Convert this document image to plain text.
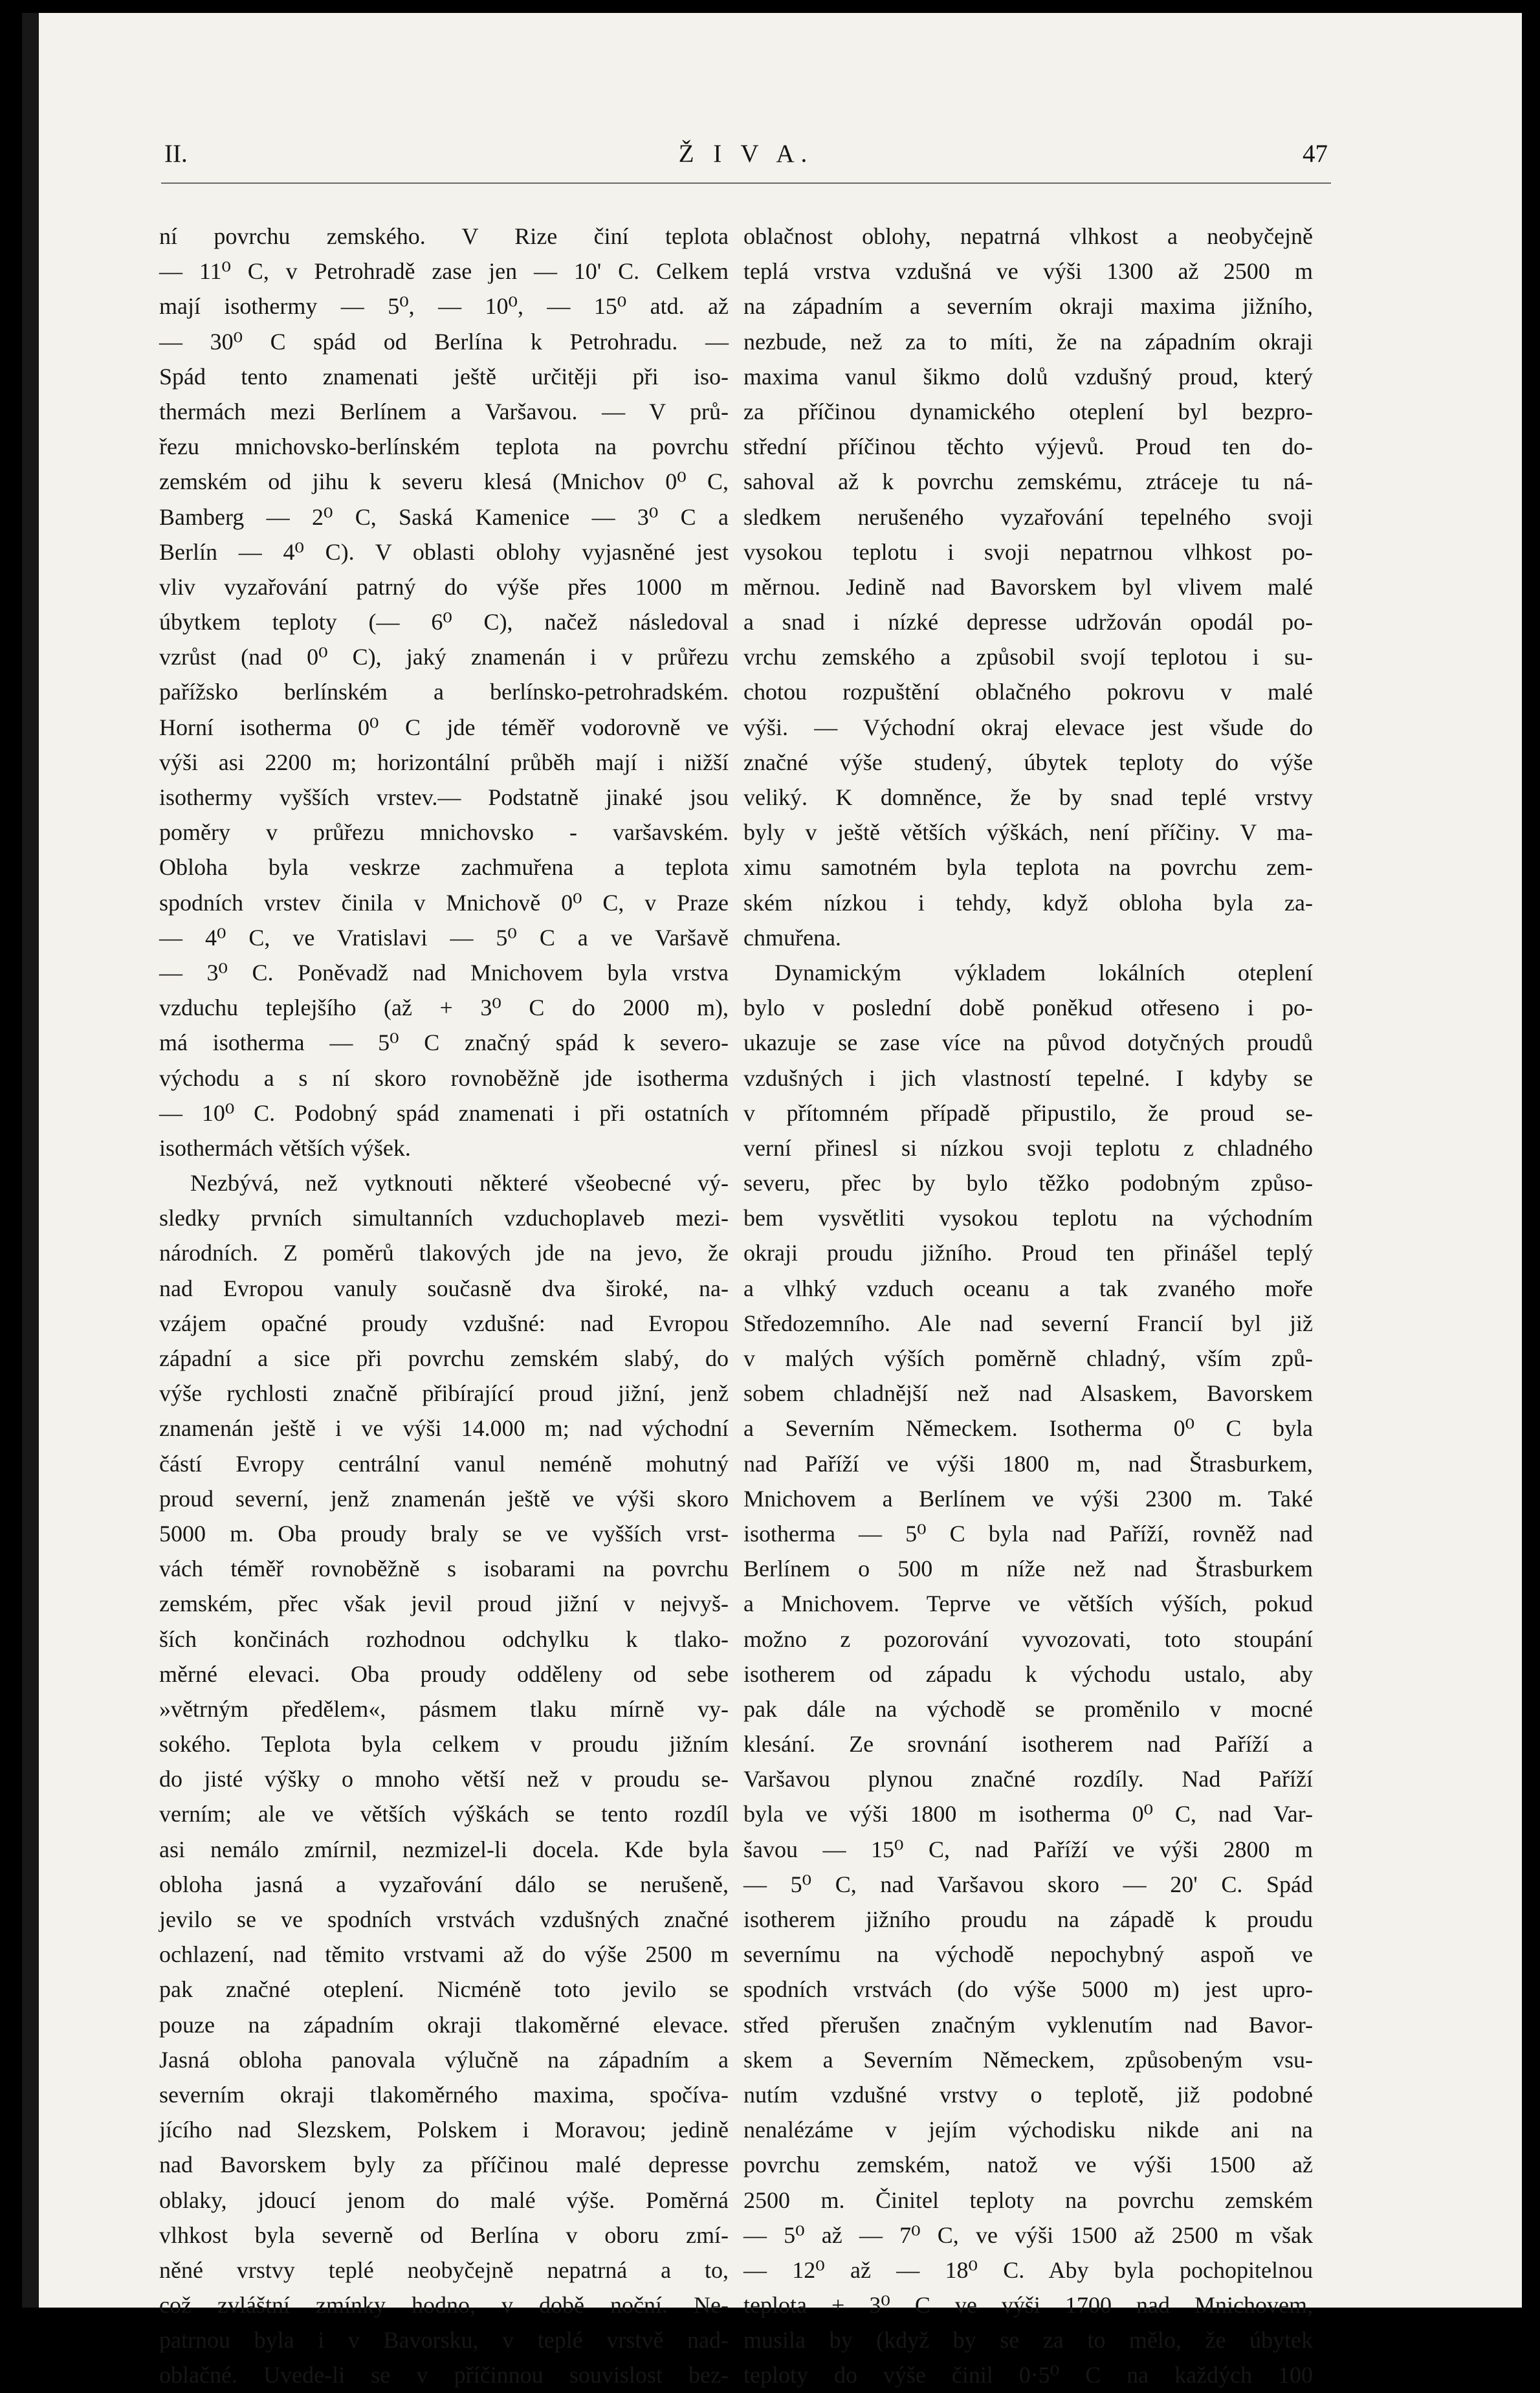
II.	Ž I V A.	47
ní povrchu zemského. V Rize činí teplota
— 11⁰ C, v Petrohradě zase jen — 10' C. Celkem
mají isothermy — 5⁰, — 10⁰, — 15⁰ atd. až
— 30⁰ C spád od Berlína k Petrohradu. —
Spád tento znamenati ještě určitěji při iso-
thermách mezi Berlínem a Varšavou. — V prů-
řezu mnichovsko-berlínském teplota na povrchu
zemském od jihu k severu klesá (Mnichov 0⁰ C,
Bamberg — 2⁰ C, Saská Kamenice — 3⁰ C a
Berlín — 4⁰ C). V oblasti oblohy vyjasněné jest
vliv vyzařování patrný do výše přes 1000 m
úbytkem teploty (— 6⁰ C), načež následoval
vzrůst (nad 0⁰ C), jaký znamenán i v průřezu
pařížsko berlínském a berlínsko-petrohradském.
Horní isotherma 0⁰ C jde téměř vodorovně ve
výši asi 2200 m; horizontální průběh mají i nižší
isothermy vyšších vrstev.— Podstatně jinaké jsou
poměry v průřezu mnichovsko - varšavském.
Obloha byla veskrze zachmuřena a teplota
spodních vrstev činila v Mnichově 0⁰ C, v Praze
— 4⁰ C, ve Vratislavi — 5⁰ C a ve Varšavě
— 3⁰ C. Poněvadž nad Mnichovem byla vrstva
vzduchu teplejšího (až + 3⁰ C do 2000 m),
má isotherma — 5⁰ C značný spád k severo-
východu a s ní skoro rovnoběžně jde isotherma
— 10⁰ C. Podobný spád znamenati i při ostatních
isothermách větších výšek.
Nezbývá, než vytknouti některé všeobecné vý-
sledky prvních simultanních vzduchoplaveb mezi-
národních. Z poměrů tlakových jde na jevo, že
nad Evropou vanuly současně dva široké, na-
vzájem opačné proudy vzdušné: nad Evropou
západní a sice při povrchu zemském slabý, do
výše rychlosti značně přibírající proud jižní, jenž
znamenán ještě i ve výši 14.000 m; nad východní
částí Evropy centrální vanul neméně mohutný
proud severní, jenž znamenán ještě ve výši skoro
5000 m. Oba proudy braly se ve vyšších vrst-
vách téměř rovnoběžně s isobarami na povrchu
zemském, přec však jevil proud jižní v nejvyš-
ších končinách rozhodnou odchylku k tlako-
měrné elevaci. Oba proudy odděleny od sebe
»větrným předělem«, pásmem tlaku mírně vy-
sokého. Teplota byla celkem v proudu jižním
do jisté výšky o mnoho větší než v proudu se-
verním; ale ve větších výškách se tento rozdíl
asi nemálo zmírnil, nezmizel-li docela. Kde byla
obloha jasná a vyzařování dálo se nerušeně,
jevilo se ve spodních vrstvách vzdušných značné
ochlazení, nad těmito vrstvami až do výše 2500 m
pak značné oteplení. Nicméně toto jevilo se
pouze na západním okraji tlakoměrné elevace.
Jasná obloha panovala výlučně na západním a
severním okraji tlakoměrného maxima, spočíva-
jícího nad Slezskem, Polskem i Moravou; jedině
nad Bavorskem byly za příčinou malé depresse
oblaky, jdoucí jenom do malé výše. Poměrná
vlhkost byla severně od Berlína v oboru zmí-
něné vrstvy teplé neobyčejně nepatrná a to,
což zvláštní zmínky hodno, v době noční. Ne-
patrnou byla i v Bavorsku, v teplé vrstvě nad-
oblačné. Uvede-li se v příčinnou souvislost bez-
oblačnost oblohy, nepatrná vlhkost a neobyčejně
teplá vrstva vzdušná ve výši 1300 až 2500 m
na západním a severním okraji maxima jižního,
nezbude, než za to míti, že na západním okraji
maxima vanul šikmo dolů vzdušný proud, který
za příčinou dynamického oteplení byl bezpro-
střední příčinou těchto výjevů. Proud ten do-
sahoval až k povrchu zemskému, ztráceje tu ná-
sledkem nerušeného vyzařování tepelného svoji
vysokou teplotu i svoji nepatrnou vlhkost po-
měrnou. Jedině nad Bavorskem byl vlivem malé
a snad i nízké depresse udržován opodál po-
vrchu zemského a způsobil svojí teplotou i su-
chotou rozpuštění oblačného pokrovu v malé
výši. — Východní okraj elevace jest všude do
značné výše studený, úbytek teploty do výše
veliký. K domněnce, že by snad teplé vrstvy
byly v ještě větších výškách, není příčiny. V ma-
ximu samotném byla teplota na povrchu zem-
ském nízkou i tehdy, když obloha byla za-
chmuřena.
Dynamickým výkladem lokálních oteplení
bylo v poslední době poněkud otřeseno i po-
ukazuje se zase více na původ dotyčných proudů
vzdušných i jich vlastností tepelné. I kdyby se
v přítomném případě připustilo, že proud se-
verní přinesl si nízkou svoji teplotu z chladného
severu, přec by bylo těžko podobným způso-
bem vysvětliti vysokou teplotu na východním
okraji proudu jižního. Proud ten přinášel teplý
a vlhký vzduch oceanu a tak zvaného moře
Středozemního. Ale nad severní Francií byl již
v malých výších poměrně chladný, vším způ-
sobem chladnější než nad Alsaskem, Bavorskem
a Severním Německem. Isotherma 0⁰ C byla
nad Paříží ve výši 1800 m, nad Štrasburkem,
Mnichovem a Berlínem ve výši 2300 m. Také
isotherma — 5⁰ C byla nad Paříží, rovněž nad
Berlínem o 500 m níže než nad Štrasburkem
a Mnichovem. Teprve ve větších výších, pokud
možno z pozorování vyvozovati, toto stoupání
isotherem od západu k východu ustalo, aby
pak dále na východě se proměnilo v mocné
klesání. Ze srovnání isotherem nad Paříží a
Varšavou plynou značné rozdíly. Nad Paříží
byla ve výši 1800 m isotherma 0⁰ C, nad Var-
šavou — 15⁰ C, nad Paříží ve výši 2800 m
— 5⁰ C, nad Varšavou skoro — 20' C. Spád
isotherem jižního proudu na západě k proudu
severnímu na východě nepochybný aspoň ve
spodních vrstvách (do výše 5000 m) jest upro-
střed přerušen značným vyklenutím nad Bavor-
skem a Severním Německem, způsobeným vsu-
nutím vzdušné vrstvy o teplotě, již podobné
nenalézáme v jejím východisku nikde ani na
povrchu zemském, natož ve výši 1500 až
2500 m. Činitel teploty na povrchu zemském
— 5⁰ až — 7⁰ C, ve výši 1500 až 2500 m však
— 12⁰ až — 18⁰ C. Aby byla pochopitelnou
teplota + 3⁰ C ve výši 1700 nad Mnichovem,
musila by (když by se za to mělo, že úbytek
teploty do výše činil 0·5⁰ C na každých 100
